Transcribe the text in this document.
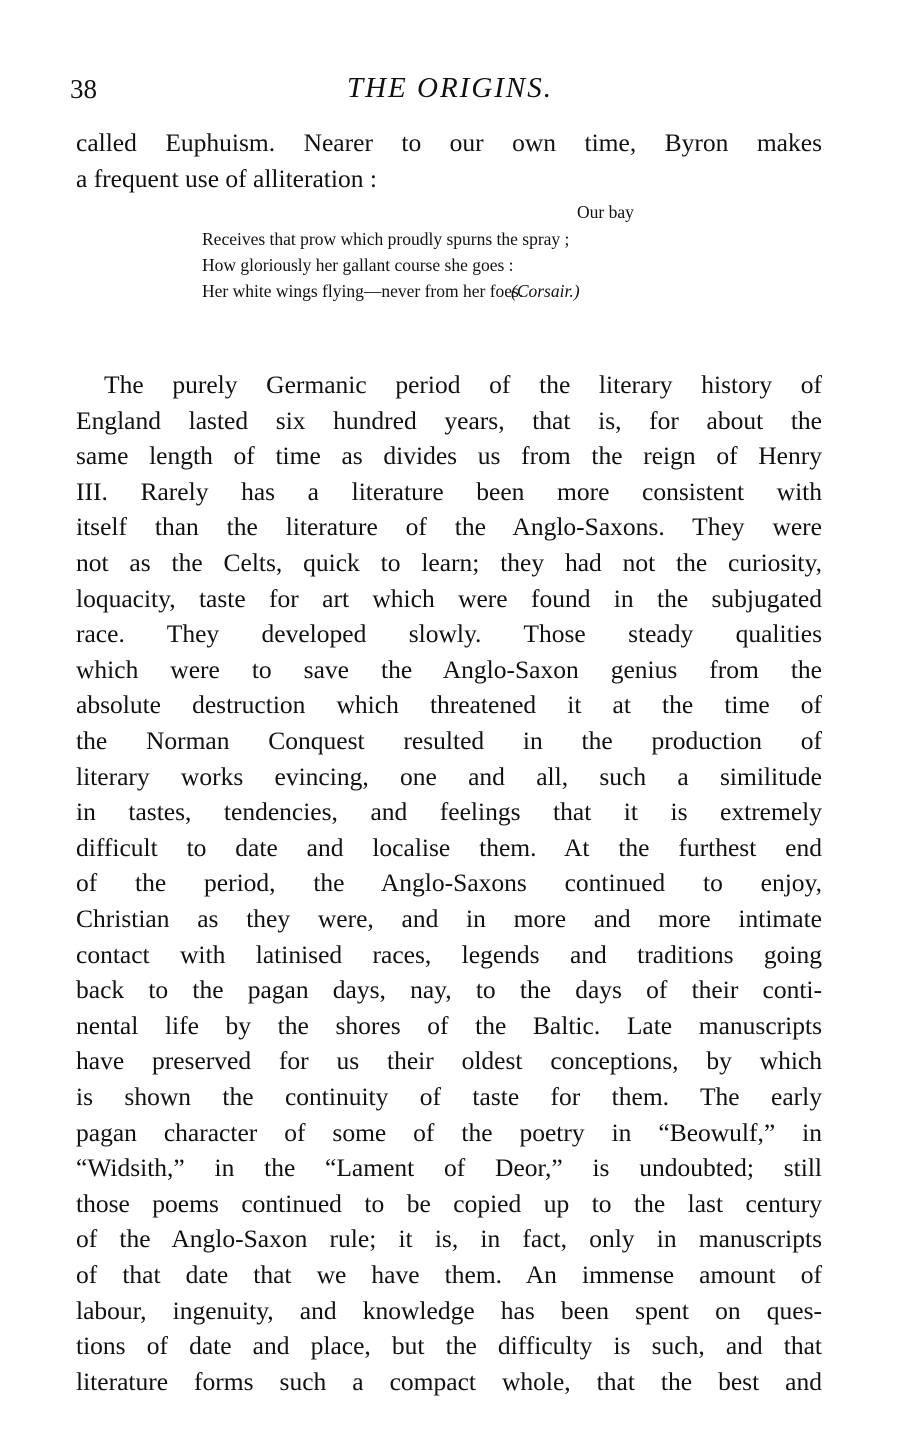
38	THE ORIGINS.
called Euphuism. Nearer to our own time, Byron makes
a frequent use of alliteration :
Our bay
Receives that prow which proudly spurns the spray ;
How gloriously her gallant course she goes :
Her white wings flying—never from her foes.
(Corsair.)
The purely Germanic period of the literary history of
England lasted six hundred years, that is, for about the
same length of time as divides us from the reign of Henry
III. Rarely has a literature been more consistent with
itself than the literature of the Anglo-Saxons. They were
not as the Celts, quick to learn; they had not the curiosity,
loquacity, taste for art which were found in the subjugated
race. They developed slowly. Those steady qualities
which were to save the Anglo-Saxon genius from the
absolute destruction which threatened it at the time of
the Norman Conquest resulted in the production of
literary works evincing, one and all, such a similitude
in tastes, tendencies, and feelings that it is extremely
difficult to date and localise them. At the furthest end
of the period, the Anglo-Saxons continued to enjoy,
Christian as they were, and in more and more intimate
contact with latinised races, legends and traditions going
back to the pagan days, nay, to the days of their conti-
nental life by the shores of the Baltic. Late manuscripts
have preserved for us their oldest conceptions, by which
is shown the continuity of taste for them. The early
pagan character of some of the poetry in “Beowulf,” in
“Widsith,” in the “Lament of Deor,” is undoubted; still
those poems continued to be copied up to the last century
of the Anglo-Saxon rule; it is, in fact, only in manuscripts
of that date that we have them. An immense amount of
labour, ingenuity, and knowledge has been spent on ques-
tions of date and place, but the difficulty is such, and that
literature forms such a compact whole, that the best and
